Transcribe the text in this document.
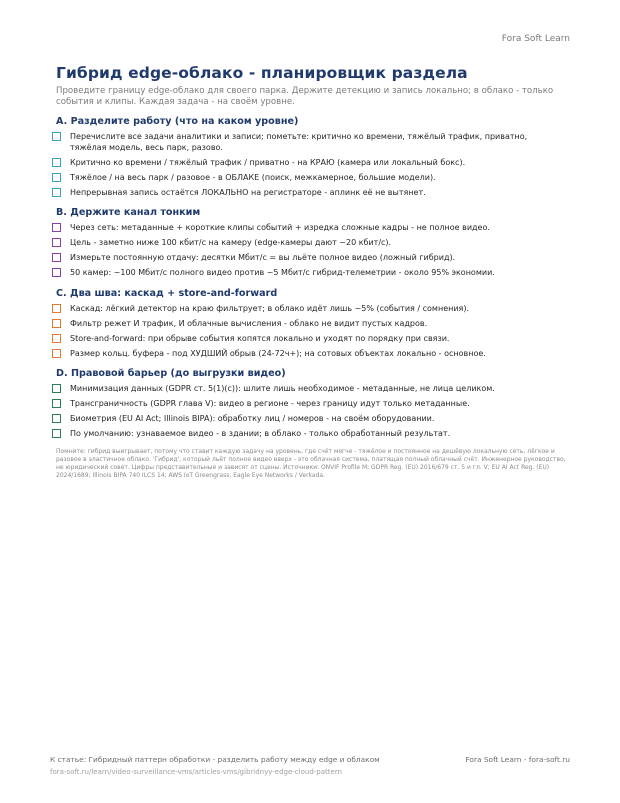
Fora Soft Learn
Гибрид edge-облако - планировщик раздела

Проведите границу edge-облако для своего парка. Держите детекцию и запись локально; в облако - только события и клипы. Каждая задача - на своём уровне.

A. Разделите работу (что на каком уровне)
Перечислите все задачи аналитики и записи; пометьте: критично ко времени, тяжёлый трафик, приватно, тяжёлая модель, весь парк, разово.
Критично ко времени / тяжёлый трафик / приватно - на КРАЮ (камера или локальный бокс).
Тяжёлое / на весь парк / разовое - в ОБЛАКЕ (поиск, межкамерное, большие модели).
Непрерывная запись остаётся ЛОКАЛЬНО на регистраторе - аплинк её не вытянет.
B. Держите канал тонким
Через сеть: метаданные + короткие клипы событий + изредка сложные кадры - не полное видео.
Цель - заметно ниже 100 кбит/с на камеру (edge-камеры дают ~20 кбит/с).
Измерьте постоянную отдачу: десятки Мбит/с = вы льёте полное видео (ложный гибрид).
50 камер: ~100 Мбит/с полного видео против ~5 Мбит/с гибрид-телеметрии - около 95% экономии.
C. Два шва: каскад + store-and-forward
Каскад: лёгкий детектор на краю фильтрует; в облако идёт лишь ~5% (события / сомнения).
Фильтр режет И трафик, И облачные вычисления - облако не видит пустых кадров.
Store-and-forward: при обрыве события копятся локально и уходят по порядку при связи.
Размер кольц. буфера - под ХУДШИЙ обрыв (24-72ч+); на сотовых объектах локально - основное.
D. Правовой барьер (до выгрузки видео)
Минимизация данных (GDPR ст. 5(1)(c)): шлите лишь необходимое - метаданные, не лица целиком.
Трансграничность (GDPR глава V): видео в регионе - через границу идут только метаданные.
Биометрия (EU AI Act; Illinois BIPA): обработку лиц / номеров - на своём оборудовании.
По умолчанию: узнаваемое видео - в здании; в облако - только обработанный результат.

Помните: гибрид выигрывает, потому что ставит каждую задачу на уровень, где счёт мягче - тяжёлое и постоянное на дешёвую локальную сеть, лёгкое и разовое в эластичное облако. 'Гибрид', который льёт полное видео вверх - это облачная система, платящая полный облачный счёт. Инженерное руководство, не юридический совет. Цифры представительные и зависят от сцены. Источники: ONVIF Profile M; GDPR Reg. (EU) 2016/679 ст. 5 и гл. V; EU AI Act Reg. (EU) 2024/1689; Illinois BIPA 740 ILCS 14; AWS IoT Greengrass; Eagle Eye Networks / Verkada.

К статье: Гибридный паттерн обработки - разделить работу между edge и облаком	Fora Soft Learn - fora-soft.ru
fora-soft.ru/learn/video-surveillance-vms/articles-vms/gibridnyy-edge-cloud-pattern
